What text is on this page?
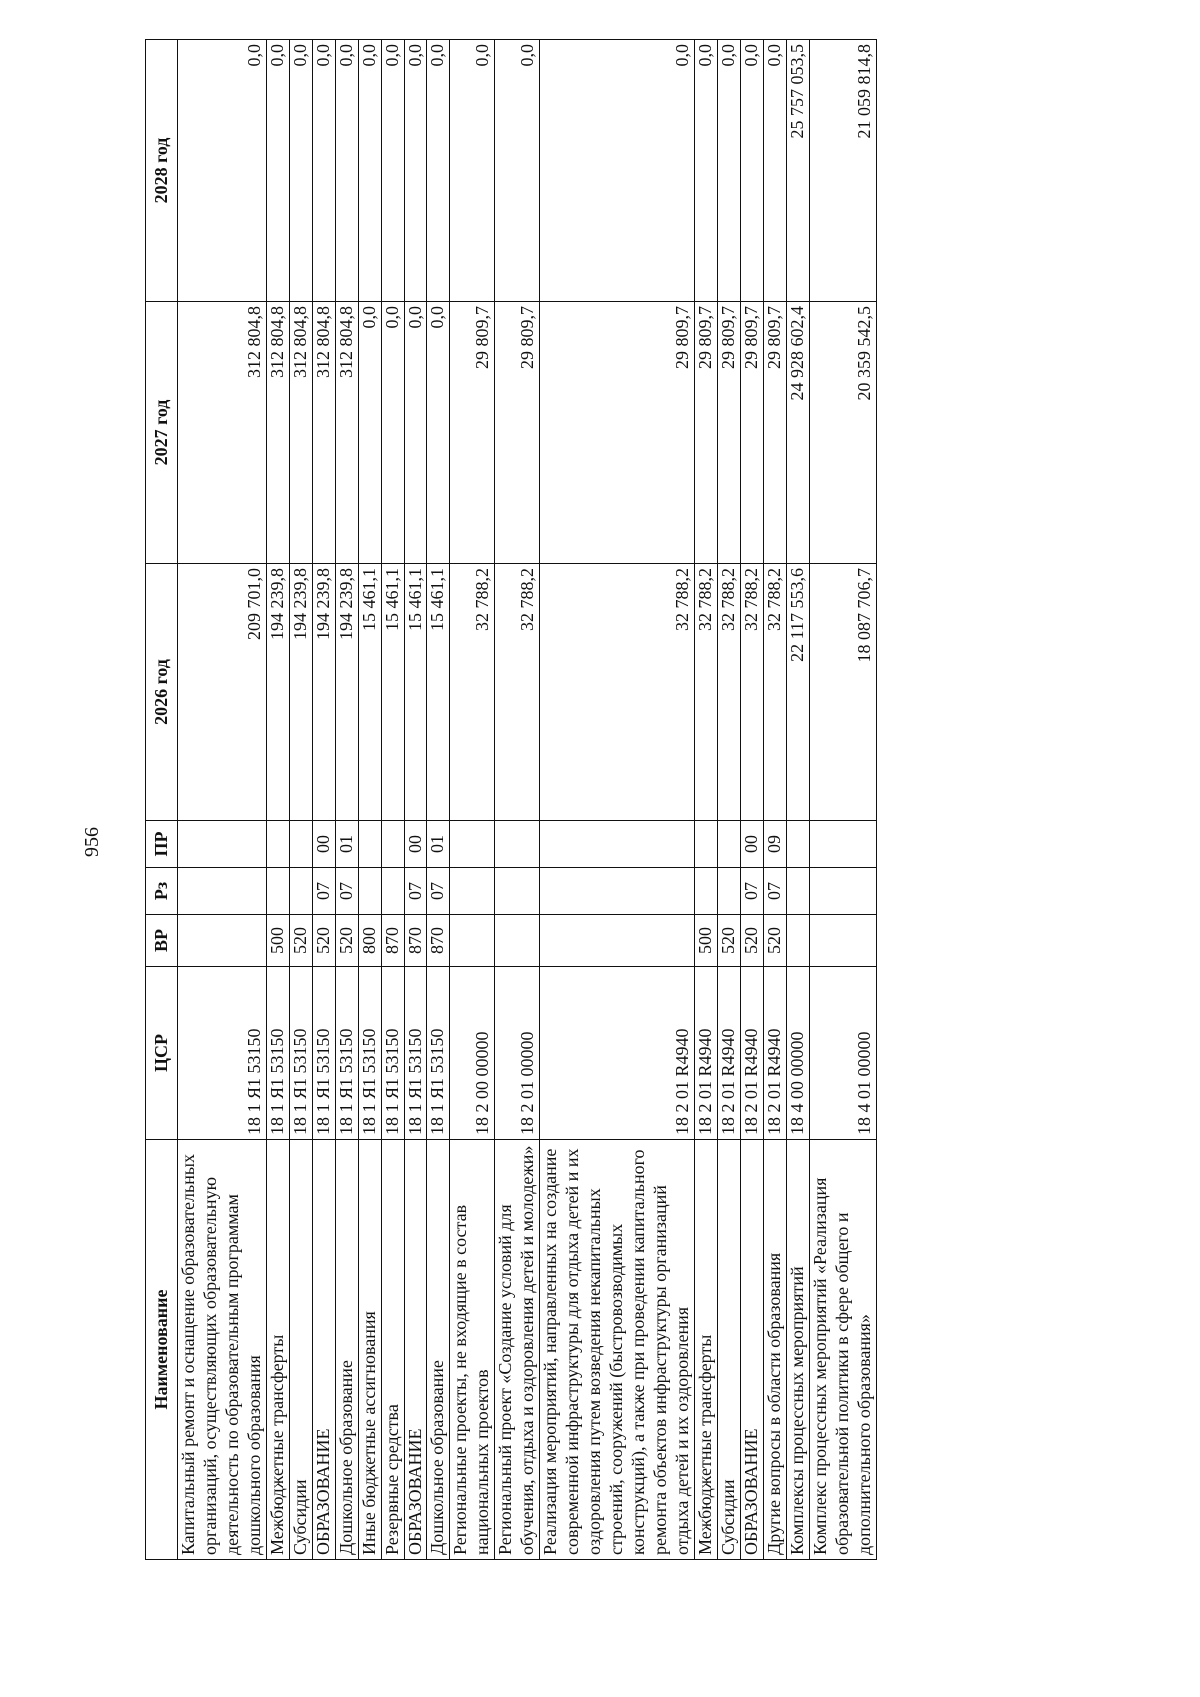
956
Наименование	ЦСР	ВР	Рз	ПР	2026 год	2027 год	2028 год
Капитальный ремонт и оснащение образовательных организаций, осуществляющих образовательную деятельность по образовательным программам дошкольного образования	18 1 Я1 53150				209 701,0	312 804,8	0,0
Межбюджетные трансферты	18 1 Я1 53150	500			194 239,8	312 804,8	0,0
Субсидии	18 1 Я1 53150	520			194 239,8	312 804,8	0,0
ОБРАЗОВАНИЕ	18 1 Я1 53150	520	07	00	194 239,8	312 804,8	0,0
Дошкольное образование	18 1 Я1 53150	520	07	01	194 239,8	312 804,8	0,0
Иные бюджетные ассигнования	18 1 Я1 53150	800			15 461,1	0,0	0,0
Резервные средства	18 1 Я1 53150	870			15 461,1	0,0	0,0
ОБРАЗОВАНИЕ	18 1 Я1 53150	870	07	00	15 461,1	0,0	0,0
Дошкольное образование	18 1 Я1 53150	870	07	01	15 461,1	0,0	0,0
Региональные проекты, не входящие в состав национальных проектов	18 2 00 00000				32 788,2	29 809,7	0,0
Региональный проект «Создание условий для обучения, отдыха и оздоровления детей и молодежи»	18 2 01 00000				32 788,2	29 809,7	0,0
Реализация мероприятий, направленных на создание современной инфраструктуры для отдыха детей и их оздоровления путем возведения некапитальных строений, сооружений (быстровозводимых конструкций), а также при проведении капитального ремонта объектов инфраструктуры организаций отдыха детей и их оздоровления	18 2 01 R4940				32 788,2	29 809,7	0,0
Межбюджетные трансферты	18 2 01 R4940	500			32 788,2	29 809,7	0,0
Субсидии	18 2 01 R4940	520			32 788,2	29 809,7	0,0
ОБРАЗОВАНИЕ	18 2 01 R4940	520	07	00	32 788,2	29 809,7	0,0
Другие вопросы в области образования	18 2 01 R4940	520	07	09	32 788,2	29 809,7	0,0
Комплексы процессных мероприятий	18 4 00 00000				22 117 553,6	24 928 602,4	25 757 053,5
Комплекс процессных мероприятий «Реализация образовательной политики в сфере общего и дополнительного образования»	18 4 01 00000				18 087 706,7	20 359 542,5	21 059 814,8
